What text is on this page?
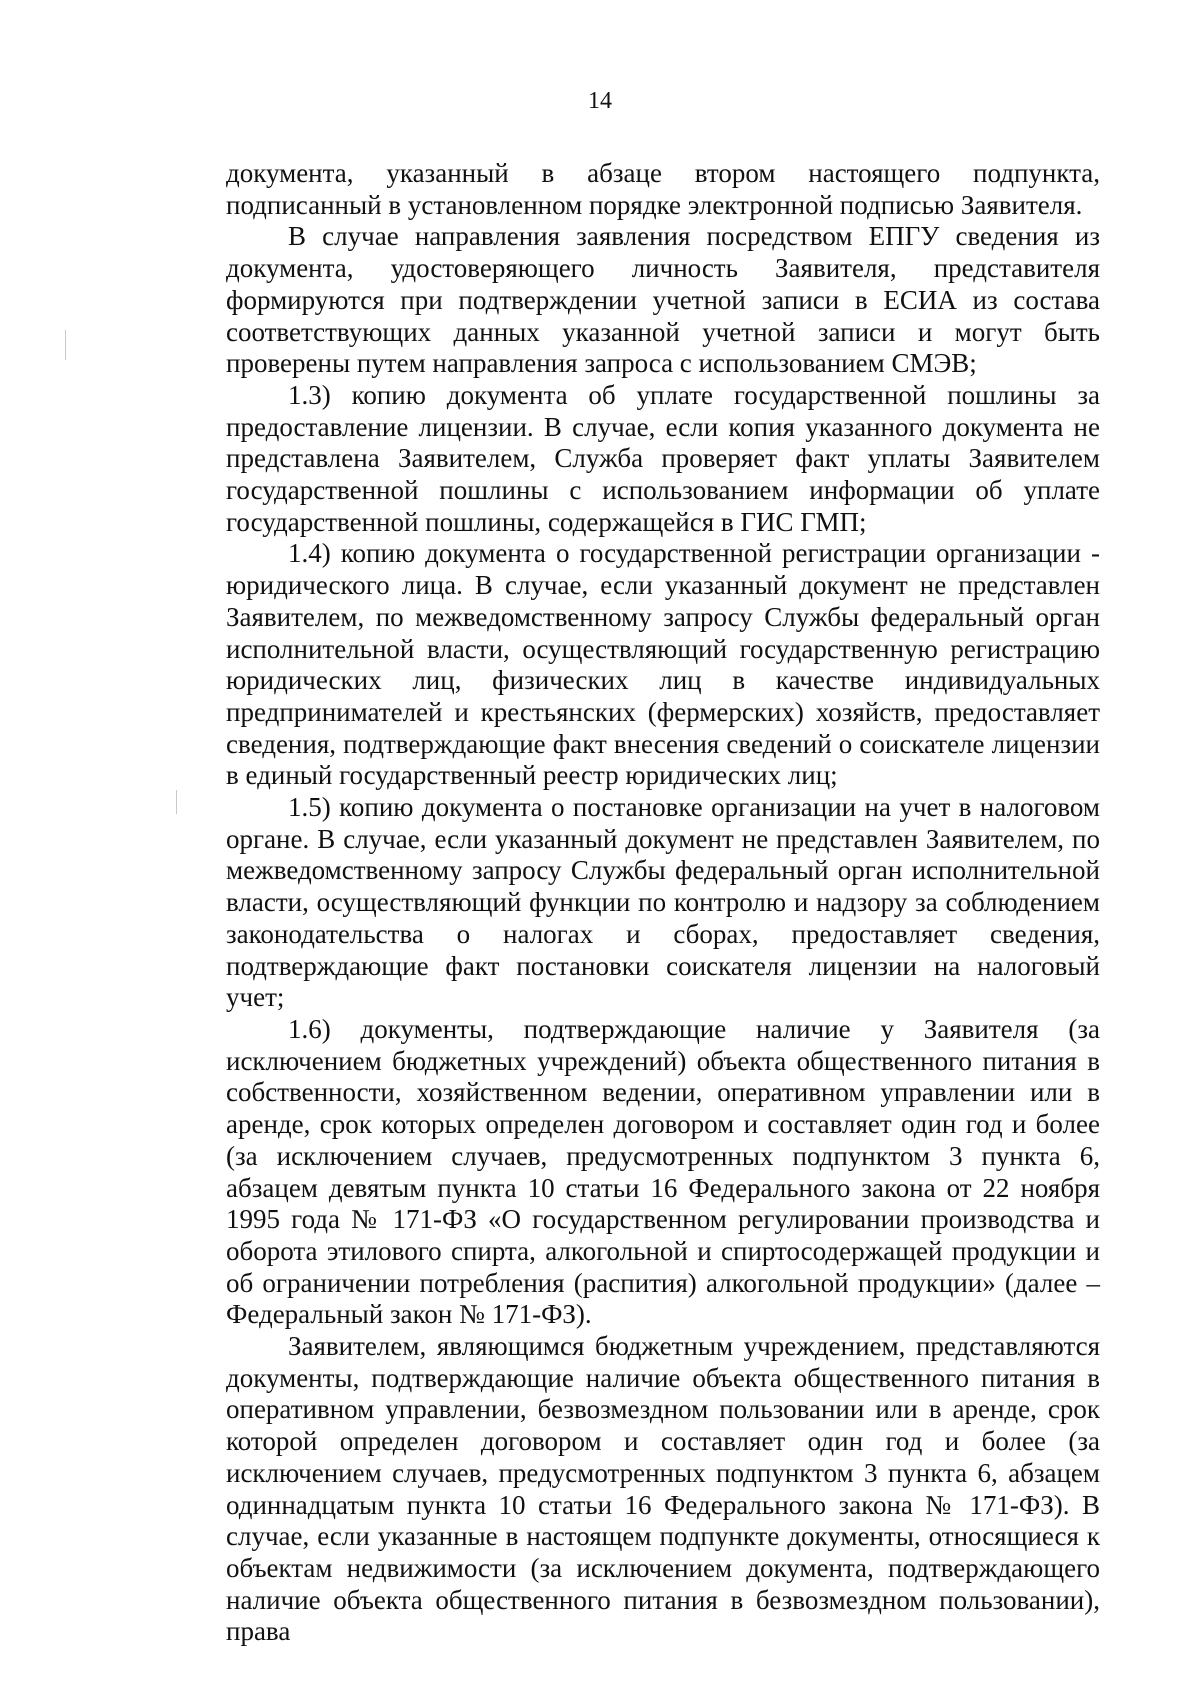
14

документа, указанный в абзаце втором настоящего подпункта, подписанный в установленном порядке электронной подписью Заявителя.

В случае направления заявления посредством ЕПГУ сведения из документа, удостоверяющего личность Заявителя, представителя формируются при подтверждении учетной записи в ЕСИА из состава соответствующих данных указанной учетной записи и могут быть проверены путем направления запроса с использованием СМЭВ;

1.3) копию документа об уплате государственной пошлины за предоставление лицензии. В случае, если копия указанного документа не представлена Заявителем, Служба проверяет факт уплаты Заявителем государственной пошлины с использованием информации об уплате государственной пошлины, содержащейся в ГИС ГМП;

1.4) копию документа о государственной регистрации организации - юридического лица. В случае, если указанный документ не представлен Заявителем, по межведомственному запросу Службы федеральный орган исполнительной власти, осуществляющий государственную регистрацию юридических лиц, физических лиц в качестве индивидуальных предпринимателей и крестьянских (фермерских) хозяйств, предоставляет сведения, подтверждающие факт внесения сведений о соискателе лицензии в единый государственный реестр юридических лиц;

1.5) копию документа о постановке организации на учет в налоговом органе. В случае, если указанный документ не представлен Заявителем, по межведомственному запросу Службы федеральный орган исполнительной власти, осуществляющий функции по контролю и надзору за соблюдением законодательства о налогах и сборах, предоставляет сведения, подтверждающие факт постановки соискателя лицензии на налоговый учет;

1.6) документы, подтверждающие наличие у Заявителя (за исключением бюджетных учреждений) объекта общественного питания в собственности, хозяйственном ведении, оперативном управлении или в аренде, срок которых определен договором и составляет один год и более (за исключением случаев, предусмотренных подпунктом 3 пункта 6, абзацем девятым пункта 10 статьи 16 Федерального закона от 22 ноября 1995 года № 171-ФЗ «О государственном регулировании производства и оборота этилового спирта, алкогольной и спиртосодержащей продукции и об ограничении потребления (распития) алкогольной продукции» (далее – Федеральный закон № 171-ФЗ).

Заявителем, являющимся бюджетным учреждением, представляются документы, подтверждающие наличие объекта общественного питания в оперативном управлении, безвозмездном пользовании или в аренде, срок которой определен договором и составляет один год и более (за исключением случаев, предусмотренных подпунктом 3 пункта 6, абзацем одиннадцатым пункта 10 статьи 16 Федерального закона № 171-ФЗ). В случае, если указанные в настоящем подпункте документы, относящиеся к объектам недвижимости (за исключением документа, подтверждающего наличие объекта общественного питания в безвозмездном пользовании), права
